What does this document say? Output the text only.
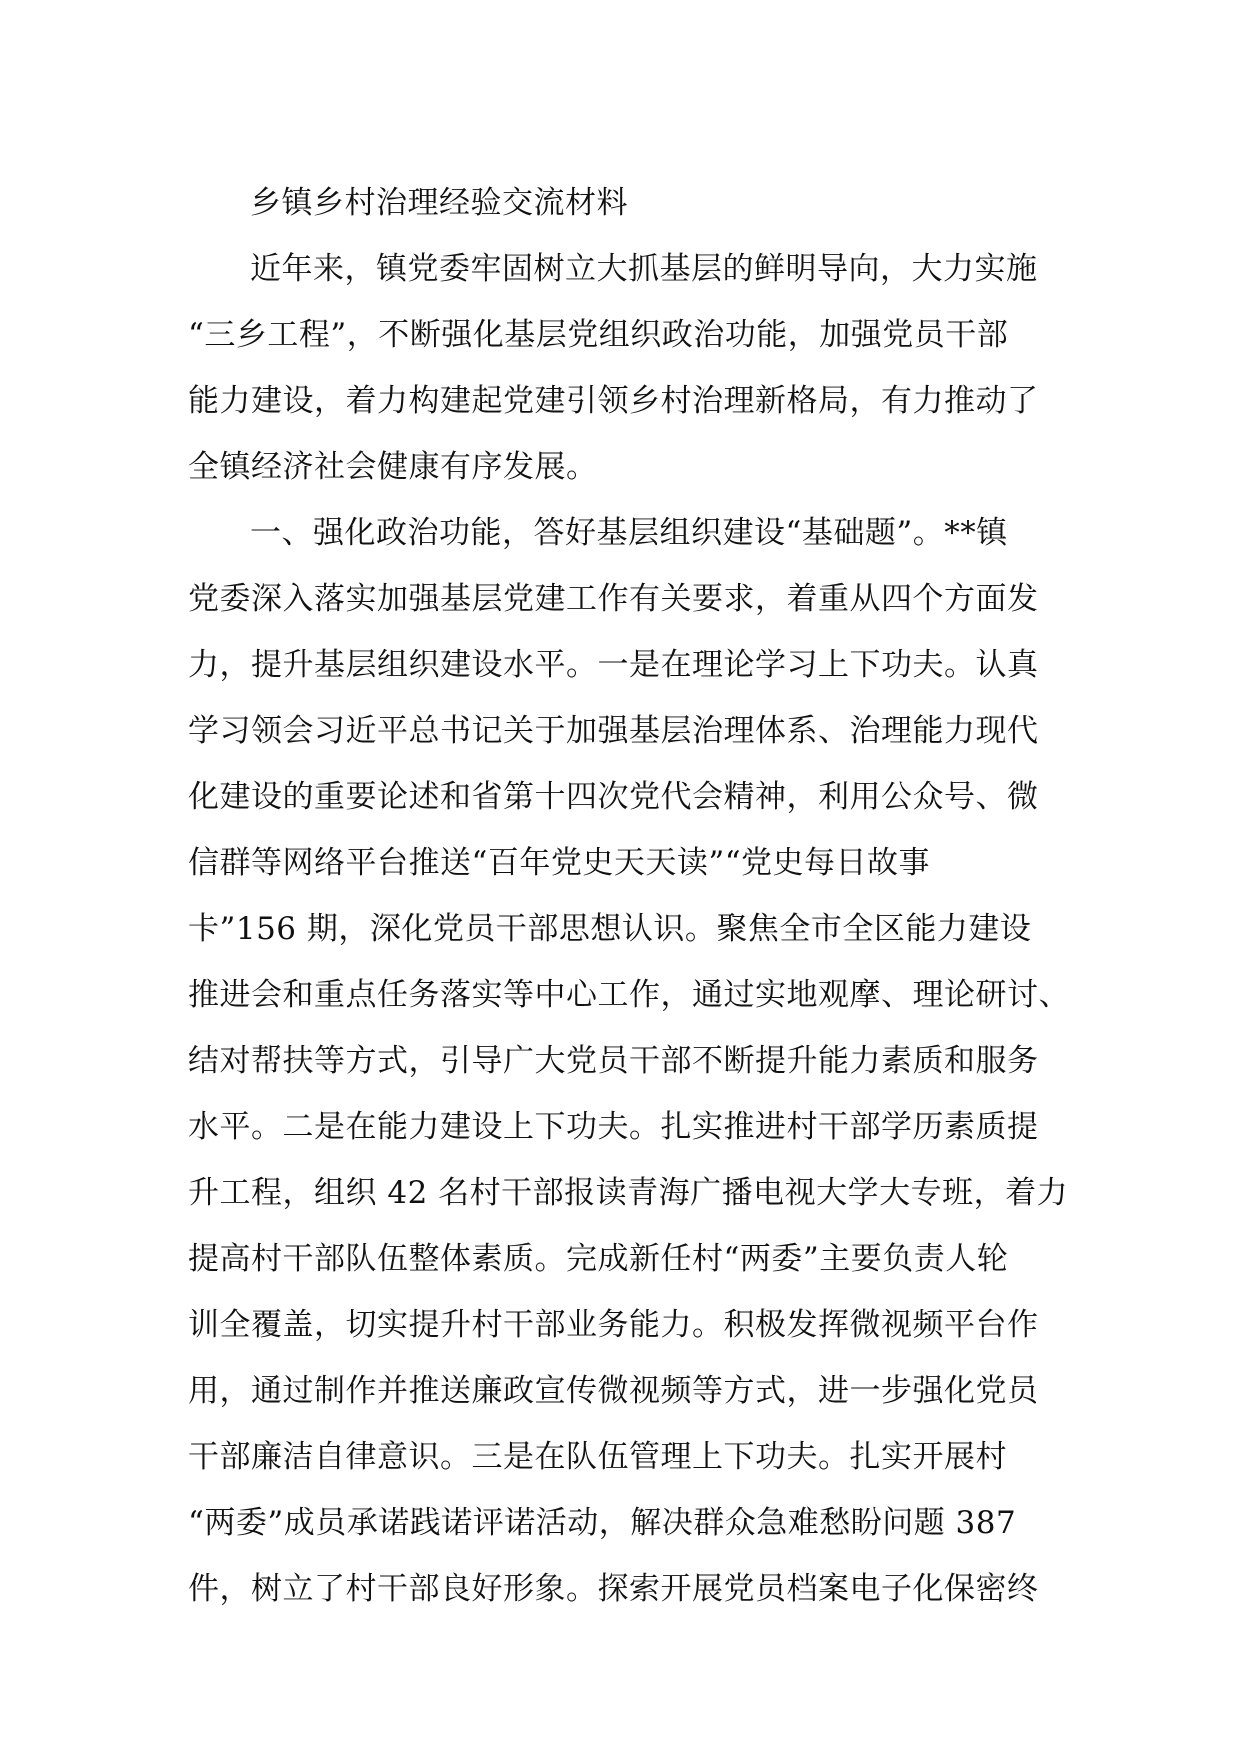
乡镇乡村治理经验交流材料
近年来，镇党委牢固树立大抓基层的鲜明导向，大力实施
“三乡工程”，不断强化基层党组织政治功能，加强党员干部
能力建设，着力构建起党建引领乡村治理新格局，有力推动了
全镇经济社会健康有序发展。
一、强化政治功能，答好基层组织建设“基础题”。**镇
党委深入落实加强基层党建工作有关要求，着重从四个方面发
力，提升基层组织建设水平。一是在理论学习上下功夫。认真
学习领会习近平总书记关于加强基层治理体系、治理能力现代
化建设的重要论述和省第十四次党代会精神，利用公众号、微
信群等网络平台推送“百年党史天天读”“党史每日故事
卡”156 期，深化党员干部思想认识。聚焦全市全区能力建设
推进会和重点任务落实等中心工作，通过实地观摩、理论研讨、
结对帮扶等方式，引导广大党员干部不断提升能力素质和服务
水平。二是在能力建设上下功夫。扎实推进村干部学历素质提
升工程，组织 42 名村干部报读青海广播电视大学大专班，着力
提高村干部队伍整体素质。完成新任村“两委”主要负责人轮
训全覆盖，切实提升村干部业务能力。积极发挥微视频平台作
用，通过制作并推送廉政宣传微视频等方式，进一步强化党员
干部廉洁自律意识。三是在队伍管理上下功夫。扎实开展村
“两委”成员承诺践诺评诺活动，解决群众急难愁盼问题 387
件，树立了村干部良好形象。探索开展党员档案电子化保密终
